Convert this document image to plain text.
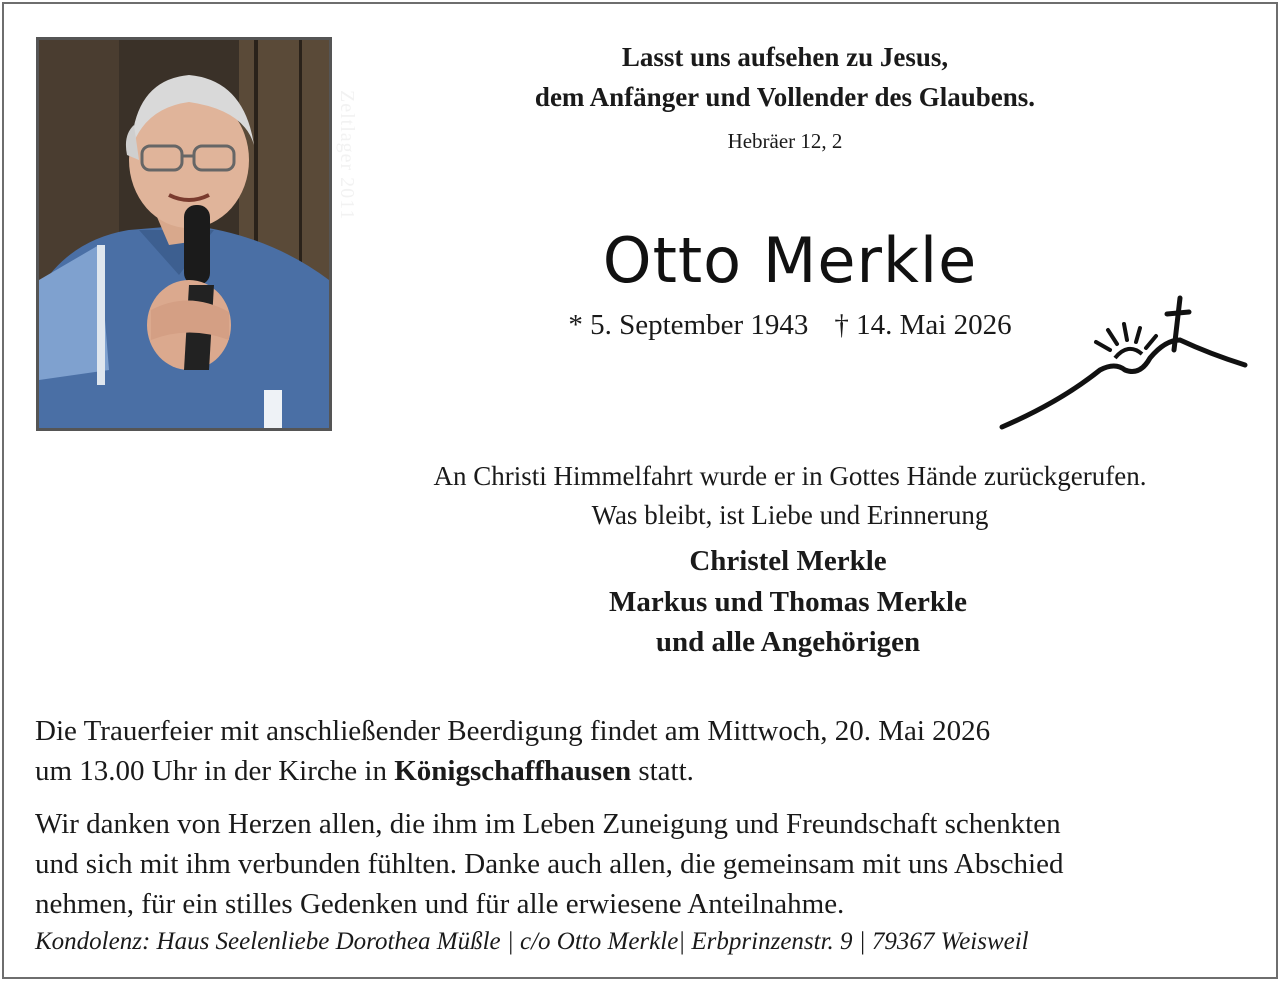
Zeltlager 2011
Lasst uns aufsehen zu Jesus,
dem Anfänger und Vollender des Glaubens.
Hebräer 12, 2
Otto Merkle
* 5. September 1943 † 14. Mai 2026
An Christi Himmelfahrt wurde er in Gottes Hände zurückgerufen.
Was bleibt, ist Liebe und Erinnerung
Christel Merkle
Markus und Thomas Merkle
und alle Angehörigen
Die Trauerfeier mit anschließender Beerdigung findet am Mittwoch, 20. Mai 2026
um 13.00 Uhr in der Kirche in Königschaffhausen statt.
Wir danken von Herzen allen, die ihm im Leben Zuneigung und Freundschaft schenkten
und sich mit ihm verbunden fühlten. Danke auch allen, die gemeinsam mit uns Abschied
nehmen, für ein stilles Gedenken und für alle erwiesene Anteilnahme.
Kondolenz: Haus Seelenliebe Dorothea Müßle | c/o Otto Merkle| Erbprinzenstr. 9 | 79367 Weisweil
